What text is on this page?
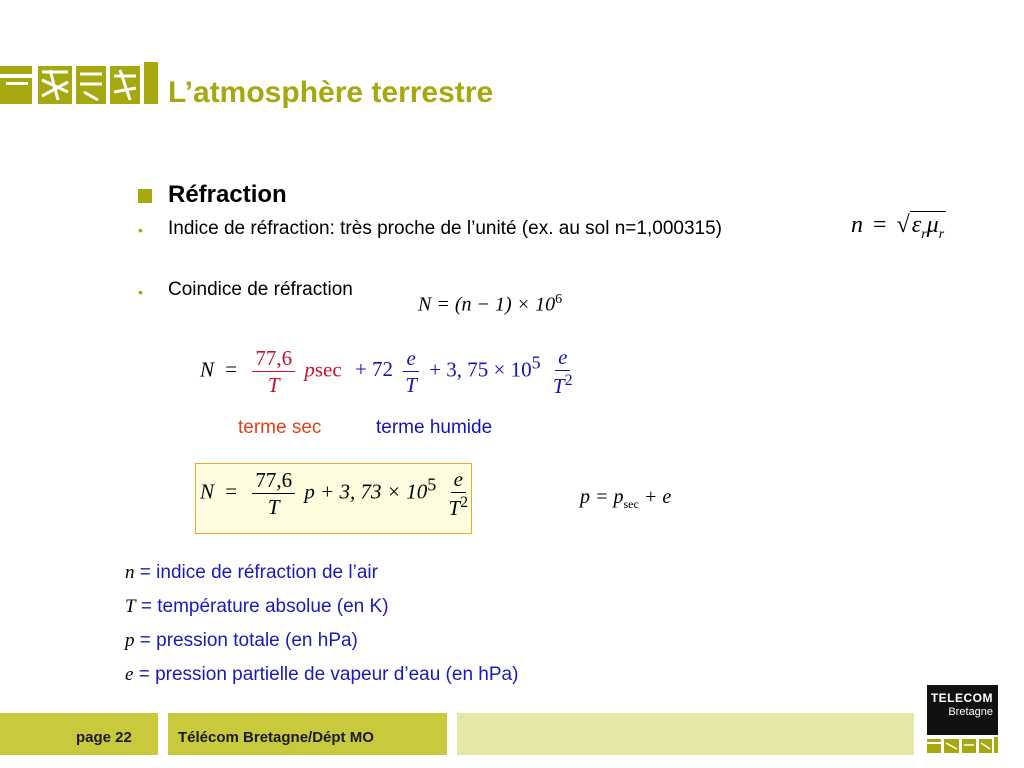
L’atmosphère terrestre
Réfraction
• Indice de réfraction: très proche de l’unité (ex. au sol n=1,000315)	$n = √\varepsilon_r\mu_r$
• Coindice de réfraction
$N = (n - 1) \times 10^6$
$N = \frac{77,6}{T}$ $psec + 72 \frac{e}{T} + 3$, $75 \times 10^5 \frac{e}{T^2}$
terme sec	terme humide
$N = \frac{77,6}{T}$ p + 3, $73 \times 10^5 \frac{e}{T^2}$	$p = p_{sec} + e$
n = indice de réfraction de l’air
T = température absolue (en K)
p = pression totale (en hPa)
e = pression partielle de vapeur d’eau (en hPa)
page 22	Télécom Bretagne/Dépt MO
TELECOM
Bretagne
